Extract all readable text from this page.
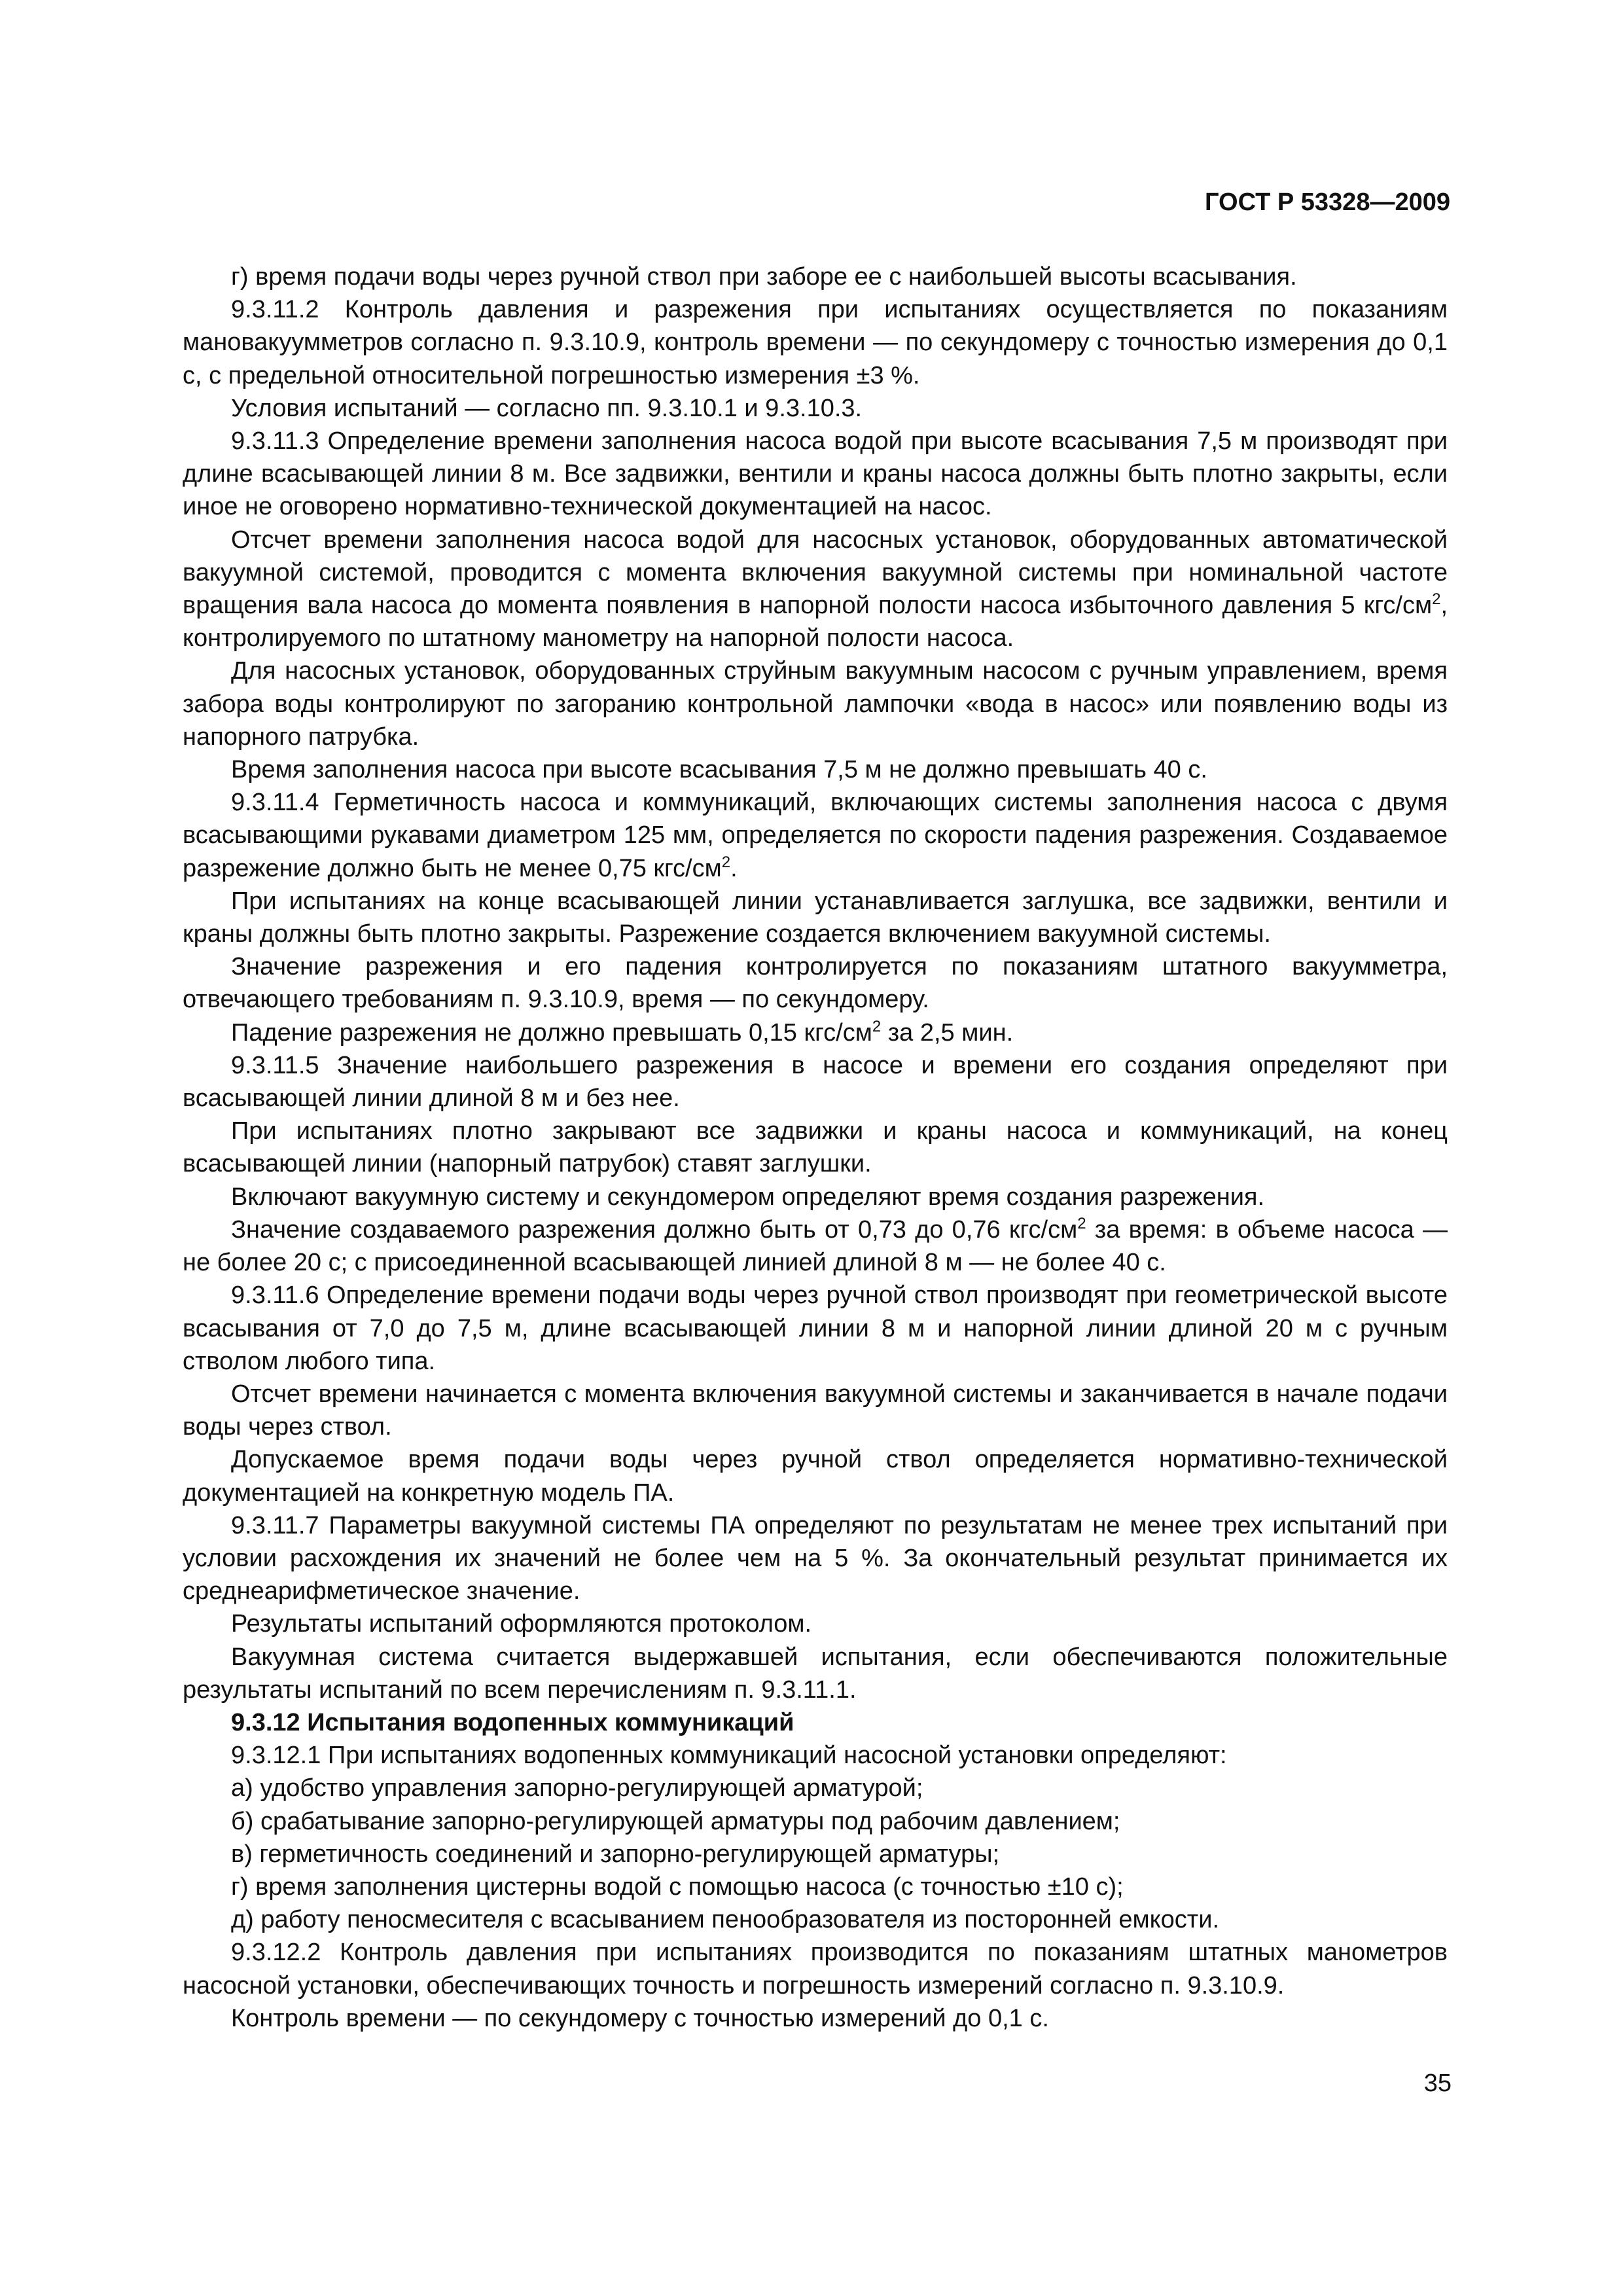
ГОСТ Р 53328—2009

г) время подачи воды через ручной ствол при заборе ее с наибольшей высоты всасывания.

9.3.11.2 Контроль давления и разрежения при испытаниях осуществляется по показаниям мановакуумметров согласно п. 9.3.10.9, контроль времени — по секундомеру с точностью измерения до 0,1 с, с предельной относительной погрешностью измерения ±3 %.

Условия испытаний — согласно пп. 9.3.10.1 и 9.3.10.3.

9.3.11.3 Определение времени заполнения насоса водой при высоте всасывания 7,5 м производят при длине всасывающей линии 8 м. Все задвижки, вентили и краны насоса должны быть плотно закрыты, если иное не оговорено нормативно-технической документацией на насос.

Отсчет времени заполнения насоса водой для насосных установок, оборудованных автоматической вакуумной системой, проводится с момента включения вакуумной системы при номинальной частоте вращения вала насоса до момента появления в напорной полости насоса избыточного давления 5 кгс/$см^2$, контролируемого по штатному манометру на напорной полости насоса.

Для насосных установок, оборудованных струйным вакуумным насосом с ручным управлением, время забора воды контролируют по загоранию контрольной лампочки «вода в насос» или появлению воды из напорного патрубка.

Время заполнения насоса при высоте всасывания 7,5 м не должно превышать 40 с.

9.3.11.4 Герметичность насоса и коммуникаций, включающих системы заполнения насоса с двумя всасывающими рукавами диаметром 125 мм, определяется по скорости падения разрежения. Создаваемое разрежение должно быть не менее 0,75 кгс/$см^2$.

При испытаниях на конце всасывающей линии устанавливается заглушка, все задвижки, вентили и краны должны быть плотно закрыты. Разрежение создается включением вакуумной системы.

Значение разрежения и его падения контролируется по показаниям штатного вакуумметра, отвечающего требованиям п. 9.3.10.9, время — по секундомеру.

Падение разрежения не должно превышать 0,15 кгс/$см^2$ за 2,5 мин.

9.3.11.5 Значение наибольшего разрежения в насосе и времени его создания определяют при всасывающей линии длиной 8 м и без нее.

При испытаниях плотно закрывают все задвижки и краны насоса и коммуникаций, на конец всасывающей линии (напорный патрубок) ставят заглушки.

Включают вакуумную систему и секундомером определяют время создания разрежения.

Значение создаваемого разрежения должно быть от 0,73 до 0,76 кгс/$см^2$ за время: в объеме насоса — не более 20 с; с присоединенной всасывающей линией длиной 8 м — не более 40 с.

9.3.11.6 Определение времени подачи воды через ручной ствол производят при геометрической высоте всасывания от 7,0 до 7,5 м, длине всасывающей линии 8 м и напорной линии длиной 20 м с ручным стволом любого типа.

Отсчет времени начинается с момента включения вакуумной системы и заканчивается в начале подачи воды через ствол.

Допускаемое время подачи воды через ручной ствол определяется нормативно-технической документацией на конкретную модель ПА.

9.3.11.7 Параметры вакуумной системы ПА определяют по результатам не менее трех испытаний при условии расхождения их значений не более чем на 5 %. За окончательный результат принимается их среднеарифметическое значение.

Результаты испытаний оформляются протоколом.

Вакуумная система считается выдержавшей испытания, если обеспечиваются положительные результаты испытаний по всем перечислениям п. 9.3.11.1.

9.3.12 Испытания водопенных коммуникаций

9.3.12.1 При испытаниях водопенных коммуникаций насосной установки определяют:

а) удобство управления запорно-регулирующей арматурой;

б) срабатывание запорно-регулирующей арматуры под рабочим давлением;

в) герметичность соединений и запорно-регулирующей арматуры;

г) время заполнения цистерны водой с помощью насоса (с точностью ±10 с);

д) работу пеносмесителя с всасыванием пенообразователя из посторонней емкости.

9.3.12.2 Контроль давления при испытаниях производится по показаниям штатных манометров насосной установки, обеспечивающих точность и погрешность измерений согласно п. 9.3.10.9.

Контроль времени — по секундомеру с точностью измерений до 0,1 с.

35
